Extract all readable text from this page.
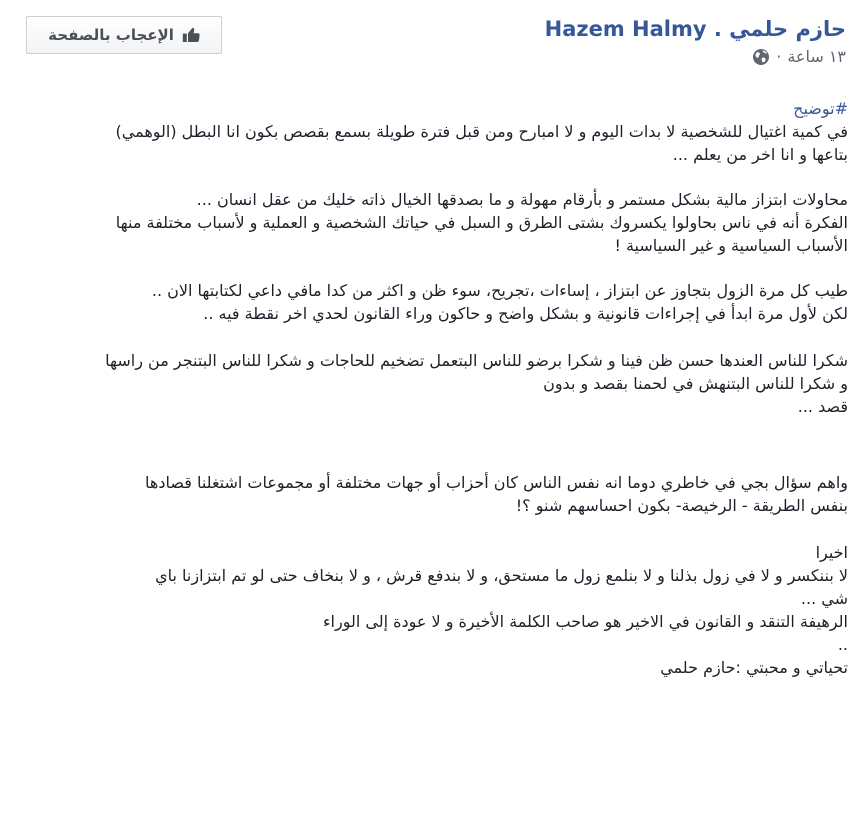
الإعجاب بالصفحة	حازم حلمي . Hazem Halmy
١٣ ساعة
·
#توضيح
في كمية اغتيال للشخصية لا بدات اليوم و لا امبارح ومن قبل فترة طويلة بسمع بقصص بكون انا البطل (الوهمي)
بتاعها و انا اخر من يعلم ...
محاولات ابتزاز مالية بشكل مستمر و بأرقام مهولة و ما بصدقها الخيال ذاته خليك من عقل انسان ...
الفكرة أنه في ناس بحاولوا يكسروك بشتى الطرق و السبل في حياتك الشخصية و العملية و لأسباب مختلفة منها
الأسباب السياسية و غير السياسية !
طيب كل مرة الزول بتجاوز عن ابتزاز ، إساءات ،تجريح، سوء ظن و اكثر من كدا مافي داعي لكتابتها الان ..
لكن لأول مرة ابدأ في إجراءات قانونية و بشكل واضح و حاكون وراء القانون لحدي اخر نقطة فيه ..
شكرا للناس العندها حسن ظن فينا و شكرا برضو للناس البتعمل تضخيم للحاجات و شكرا للناس البتنجر من راسها
و شكرا للناس البتنهش في لحمنا بقصد و بدون
قصد ...
واهم سؤال بجي في خاطري دوما انه نفس الناس كان أحزاب أو جهات مختلفة أو مجموعات اشتغلنا قصادها
بنفس الطريقة - الرخيصة- بكون احساسهم شنو ؟!
اخيرا
لا بننكسر و لا في زول بذلنا و لا بنلمع زول ما مستحق، و لا بندفع قرش ، و لا بنخاف حتى لو تم ابتزازنا باي
شي ...
الرهيفة التنقد و القانون في الاخير هو صاحب الكلمة الأخيرة و لا عودة إلى الوراء
..
تحياتي و محبتي :حازم حلمي
